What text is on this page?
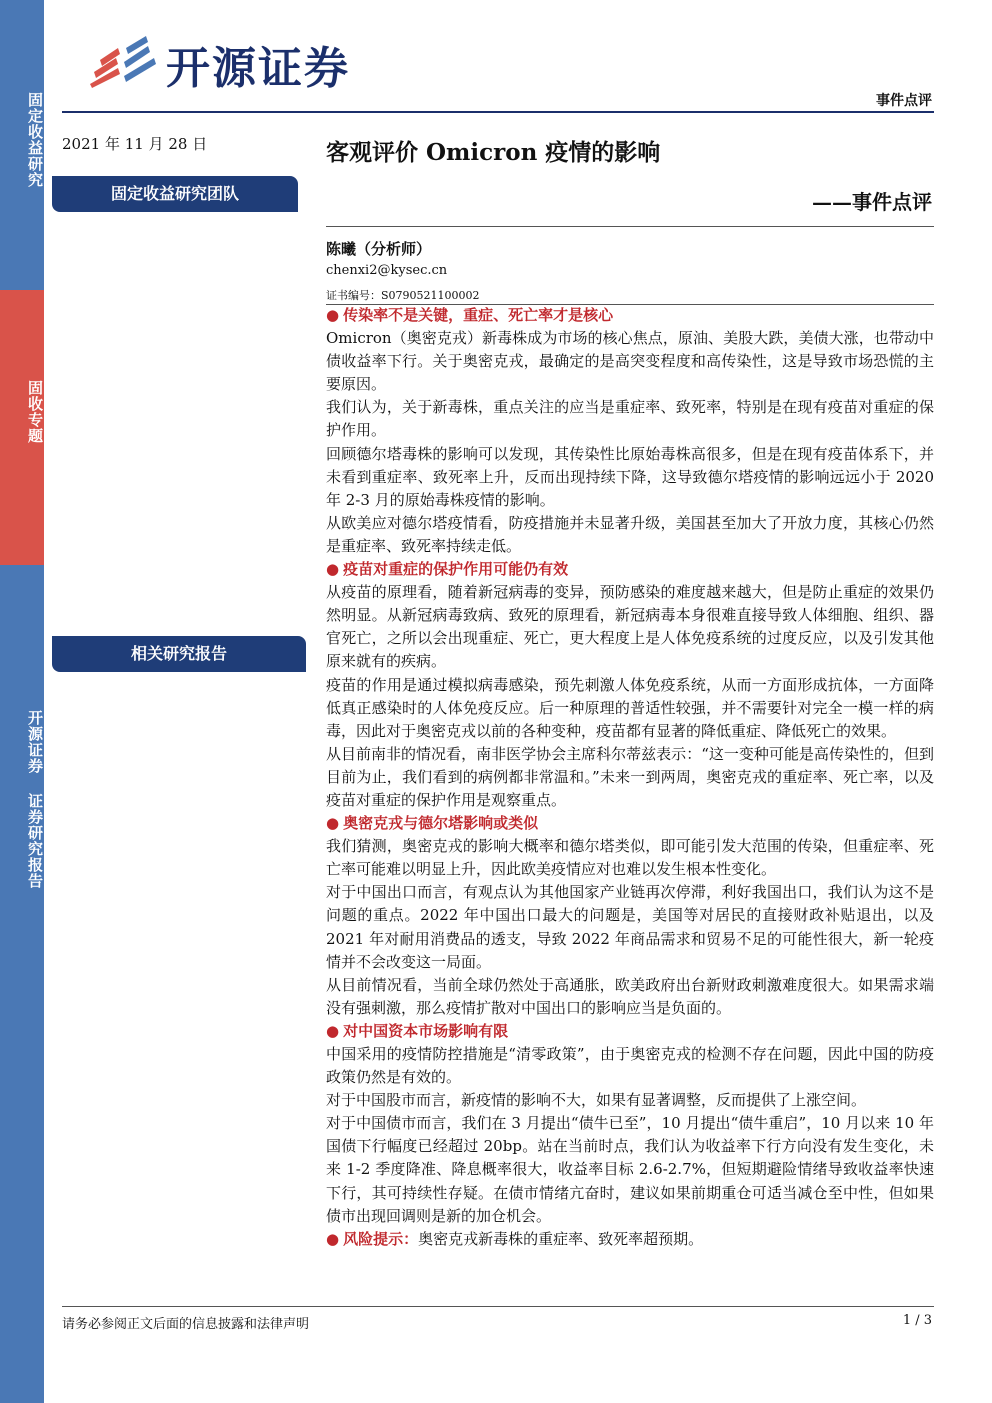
固定收益研究
固收专题
开源证券 证券研究报告
开源证券
事件点评
2021 年 11 月 28 日
固定收益研究团队
相关研究报告
客观评价 Omicron 疫情的影响
——事件点评
陈曦（分析师）
chenxi2@kysec.cn
证书编号：S0790521100002
● 传染率不是关键，重症、死亡率才是核心

Omicron（奥密克戎）新毒株成为市场的核心焦点，原油、美股大跌，美债大涨，也带动中债收益率下行。关于奥密克戎，最确定的是高突变程度和高传染性，这是导致市场恐慌的主要原因。

我们认为，关于新毒株，重点关注的应当是重症率、致死率，特别是在现有疫苗对重症的保护作用。

回顾德尔塔毒株的影响可以发现，其传染性比原始毒株高很多，但是在现有疫苗体系下，并未看到重症率、致死率上升，反而出现持续下降，这导致德尔塔疫情的影响远远小于 2020 年 2-3 月的原始毒株疫情的影响。

从欧美应对德尔塔疫情看，防疫措施并未显著升级，美国甚至加大了开放力度，其核心仍然是重症率、致死率持续走低。

● 疫苗对重症的保护作用可能仍有效

从疫苗的原理看，随着新冠病毒的变异，预防感染的难度越来越大，但是防止重症的效果仍然明显。从新冠病毒致病、致死的原理看，新冠病毒本身很难直接导致人体细胞、组织、器官死亡，之所以会出现重症、死亡，更大程度上是人体免疫系统的过度反应，以及引发其他原来就有的疾病。

疫苗的作用是通过模拟病毒感染，预先刺激人体免疫系统，从而一方面形成抗体，一方面降低真正感染时的人体免疫反应。后一种原理的普适性较强，并不需要针对完全一模一样的病毒，因此对于奥密克戎以前的各种变种，疫苗都有显著的降低重症、降低死亡的效果。

从目前南非的情况看，南非医学协会主席科尔蒂兹表示：“这一变种可能是高传染性的，但到目前为止，我们看到的病例都非常温和。”未来一到两周，奥密克戎的重症率、死亡率，以及疫苗对重症的保护作用是观察重点。

● 奥密克戎与德尔塔影响或类似

我们猜测，奥密克戎的影响大概率和德尔塔类似，即可能引发大范围的传染，但重症率、死亡率可能难以明显上升，因此欧美疫情应对也难以发生根本性变化。

对于中国出口而言，有观点认为其他国家产业链再次停滞，利好我国出口，我们认为这不是问题的重点。2022 年中国出口最大的问题是，美国等对居民的直接财政补贴退出，以及 2021 年对耐用消费品的透支，导致 2022 年商品需求和贸易不足的可能性很大，新一轮疫情并不会改变这一局面。

从目前情况看，当前全球仍然处于高通胀，欧美政府出台新财政刺激难度很大。如果需求端没有强刺激，那么疫情扩散对中国出口的影响应当是负面的。

● 对中国资本市场影响有限

中国采用的疫情防控措施是“清零政策”，由于奥密克戎的检测不存在问题，因此中国的防疫政策仍然是有效的。

对于中国股市而言，新疫情的影响不大，如果有显著调整，反而提供了上涨空间。

对于中国债市而言，我们在 3 月提出“债牛已至”，10 月提出“债牛重启”，10 月以来 10 年国债下行幅度已经超过 20bp。站在当前时点，我们认为收益率下行方向没有发生变化，未来 1-2 季度降准、降息概率很大，收益率目标 2.6-2.7%，但短期避险情绪导致收益率快速下行，其可持续性存疑。在债市情绪亢奋时，建议如果前期重仓可适当减仓至中性，但如果债市出现回调则是新的加仓机会。

● 风险提示：奥密克戎新毒株的重症率、致死率超预期。

请务必参阅正文后面的信息披露和法律声明	1 / 3
